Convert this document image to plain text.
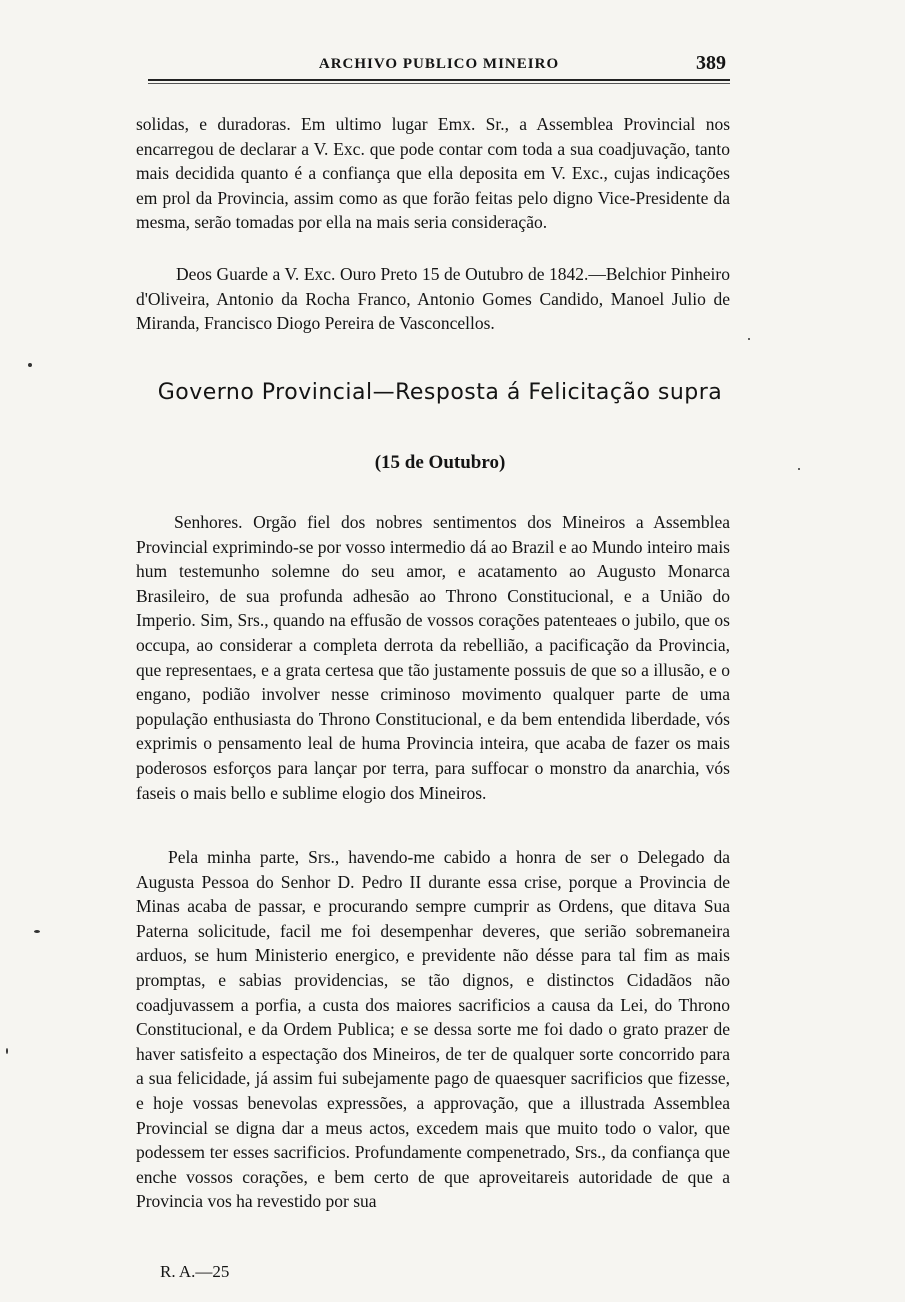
ARCHIVO PUBLICO MINEIRO	389

solidas, e duradoras. Em ultimo lugar Emx. Sr., a Assemblea Provincial nos encarregou de declarar a V. Exc. que pode contar com toda a sua coadjuvação, tanto mais decidida quanto é a confiança que ella deposita em V. Exc., cujas indicações em prol da Provincia, assim como as que forão feitas pelo digno Vice-Presidente da mesma, serão tomadas por ella na mais seria consideração.

Deos Guarde a V. Exc. Ouro Preto 15 de Outubro de 1842.—Belchior Pinheiro d'Oliveira, Antonio da Rocha Franco, Antonio Gomes Candido, Manoel Julio de Miranda, Francisco Diogo Pereira de Vasconcellos.

Governo Provincial—Resposta á Felicitação supra
(15 de Outubro)

Senhores. Orgão fiel dos nobres sentimentos dos Mineiros a Assemblea Provincial exprimindo-se por vosso intermedio dá ao Brazil e ao Mundo inteiro mais hum testemunho solemne do seu amor, e acatamento ao Augusto Monarca Brasileiro, de sua profunda adhesão ao Throno Constitucional, e a União do Imperio. Sim, Srs., quando na effusão de vossos corações patenteaes o jubilo, que os occupa, ao considerar a completa derrota da rebellião, a pacificação da Provincia, que representaes, e a grata certesa que tão justamente possuis de que so a illusão, e o engano, podião involver nesse criminoso movimento qualquer parte de uma população enthusiasta do Throno Constitucional, e da bem entendida liberdade, vós exprimis o pensamento leal de huma Provincia inteira, que acaba de fazer os mais poderosos esforços para lançar por terra, para suffocar o monstro da anarchia, vós faseis o mais bello e sublime elogio dos Mineiros.

Pela minha parte, Srs., havendo-me cabido a honra de ser o Delegado da Augusta Pessoa do Senhor D. Pedro II durante essa crise, porque a Provincia de Minas acaba de passar, e procurando sempre cumprir as Ordens, que ditava Sua Paterna solicitude, facil me foi desempenhar deveres, que serião sobremaneira arduos, se hum Ministerio energico, e previdente não désse para tal fim as mais promptas, e sabias providencias, se tão dignos, e distinctos Cidadãos não coadjuvassem a porfia, a custa dos maiores sacrificios a causa da Lei, do Throno Constitucional, e da Ordem Publica; e se dessa sorte me foi dado o grato prazer de haver satisfeito a espectação dos Mineiros, de ter de qualquer sorte concorrido para a sua felicidade, já assim fui subejamente pago de quaesquer sacrificios que fizesse, e hoje vossas benevolas expressões, a approvação, que a illustrada Assemblea Provincial se digna dar a meus actos, excedem mais que muito todo o valor, que podessem ter esses sacrificios. Profundamente compenetrado, Srs., da confiança que enche vossos corações, e bem certo de que aproveitareis autoridade de que a Provincia vos ha revestido por sua

R. A.—25
